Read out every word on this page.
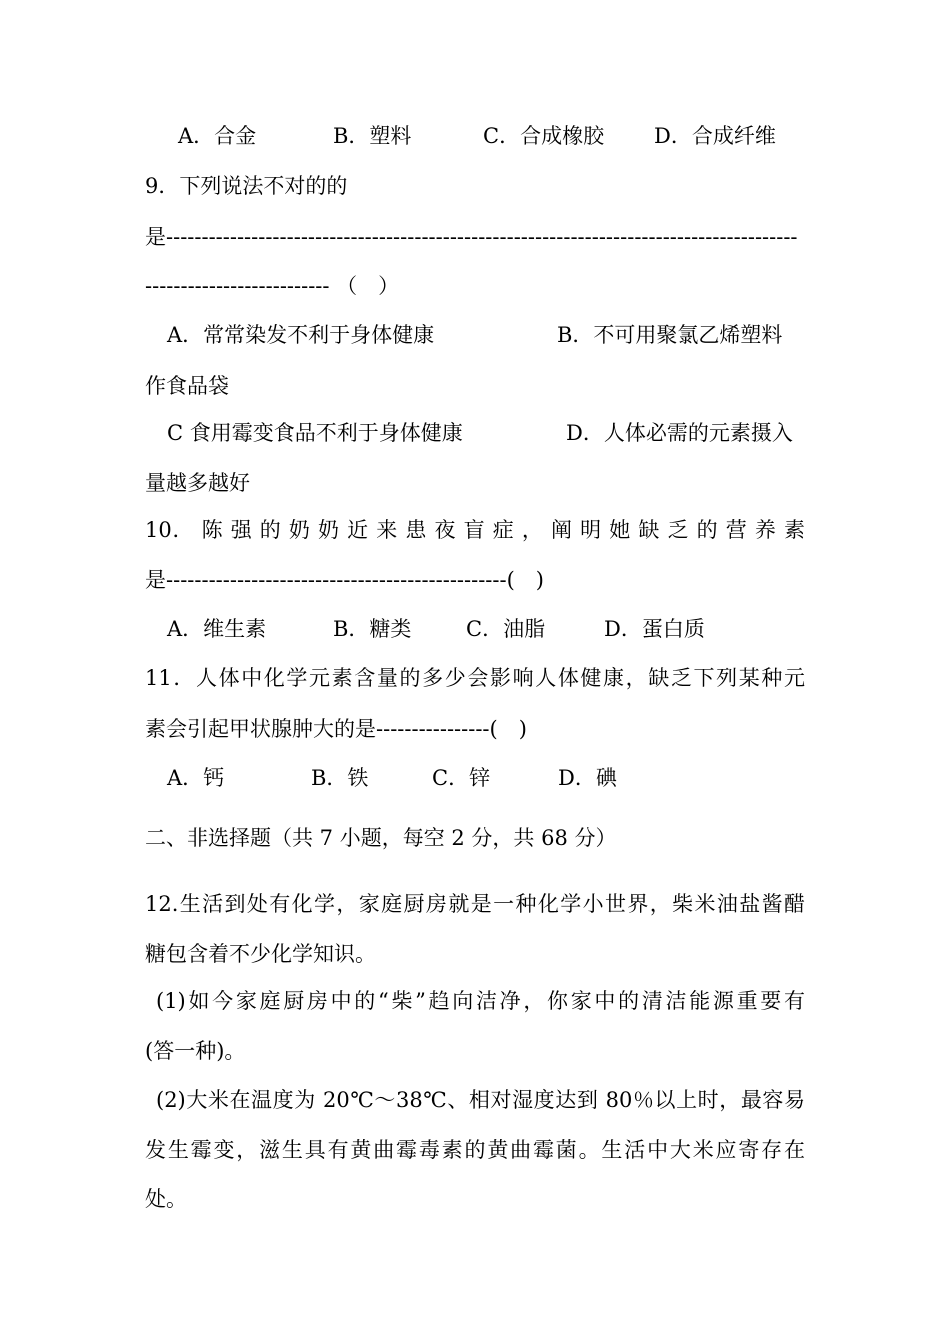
A．合金	B．塑料	C．合成橡胶 D．合成纤维
9．下列说法不对的的
是-----------------------------------------------------------------------------------------
-------------------------- （　）
A．常常染发不利于身体健康	B．不可用聚氯乙烯塑料
作食品袋
C 食用霉变食品不利于身体健康	D．人体必需的元素摄入
量越多越好
10． 陈 强 的 奶 奶 近 来 患 夜 盲 症 ， 阐 明 她 缺 乏 的 营 养 素
是------------------------------------------------(　)
A．维生素	B．糖类	C．油脂	D．蛋白质
11．人体中化学元素含量的多少会影响人体健康，缺乏下列某种元
素会引起甲状腺肿大的是----------------(　)
A．钙	B．铁	C．锌	D．碘
二、非选择题（共 7 小题，每空 2 分，共 68 分）
12.生活到处有化学，家庭厨房就是一种化学小世界，柴米油盐酱醋
糖包含着不少化学知识。
(1)如今家庭厨房中的“柴”趋向洁净，你家中的清洁能源重要有
(答一种)。
(2)大米在温度为 20℃～38℃、相对湿度达到 80％以上时，最容易
发生霉变，滋生具有黄曲霉毒素的黄曲霉菌。生活中大米应寄存在
处。
